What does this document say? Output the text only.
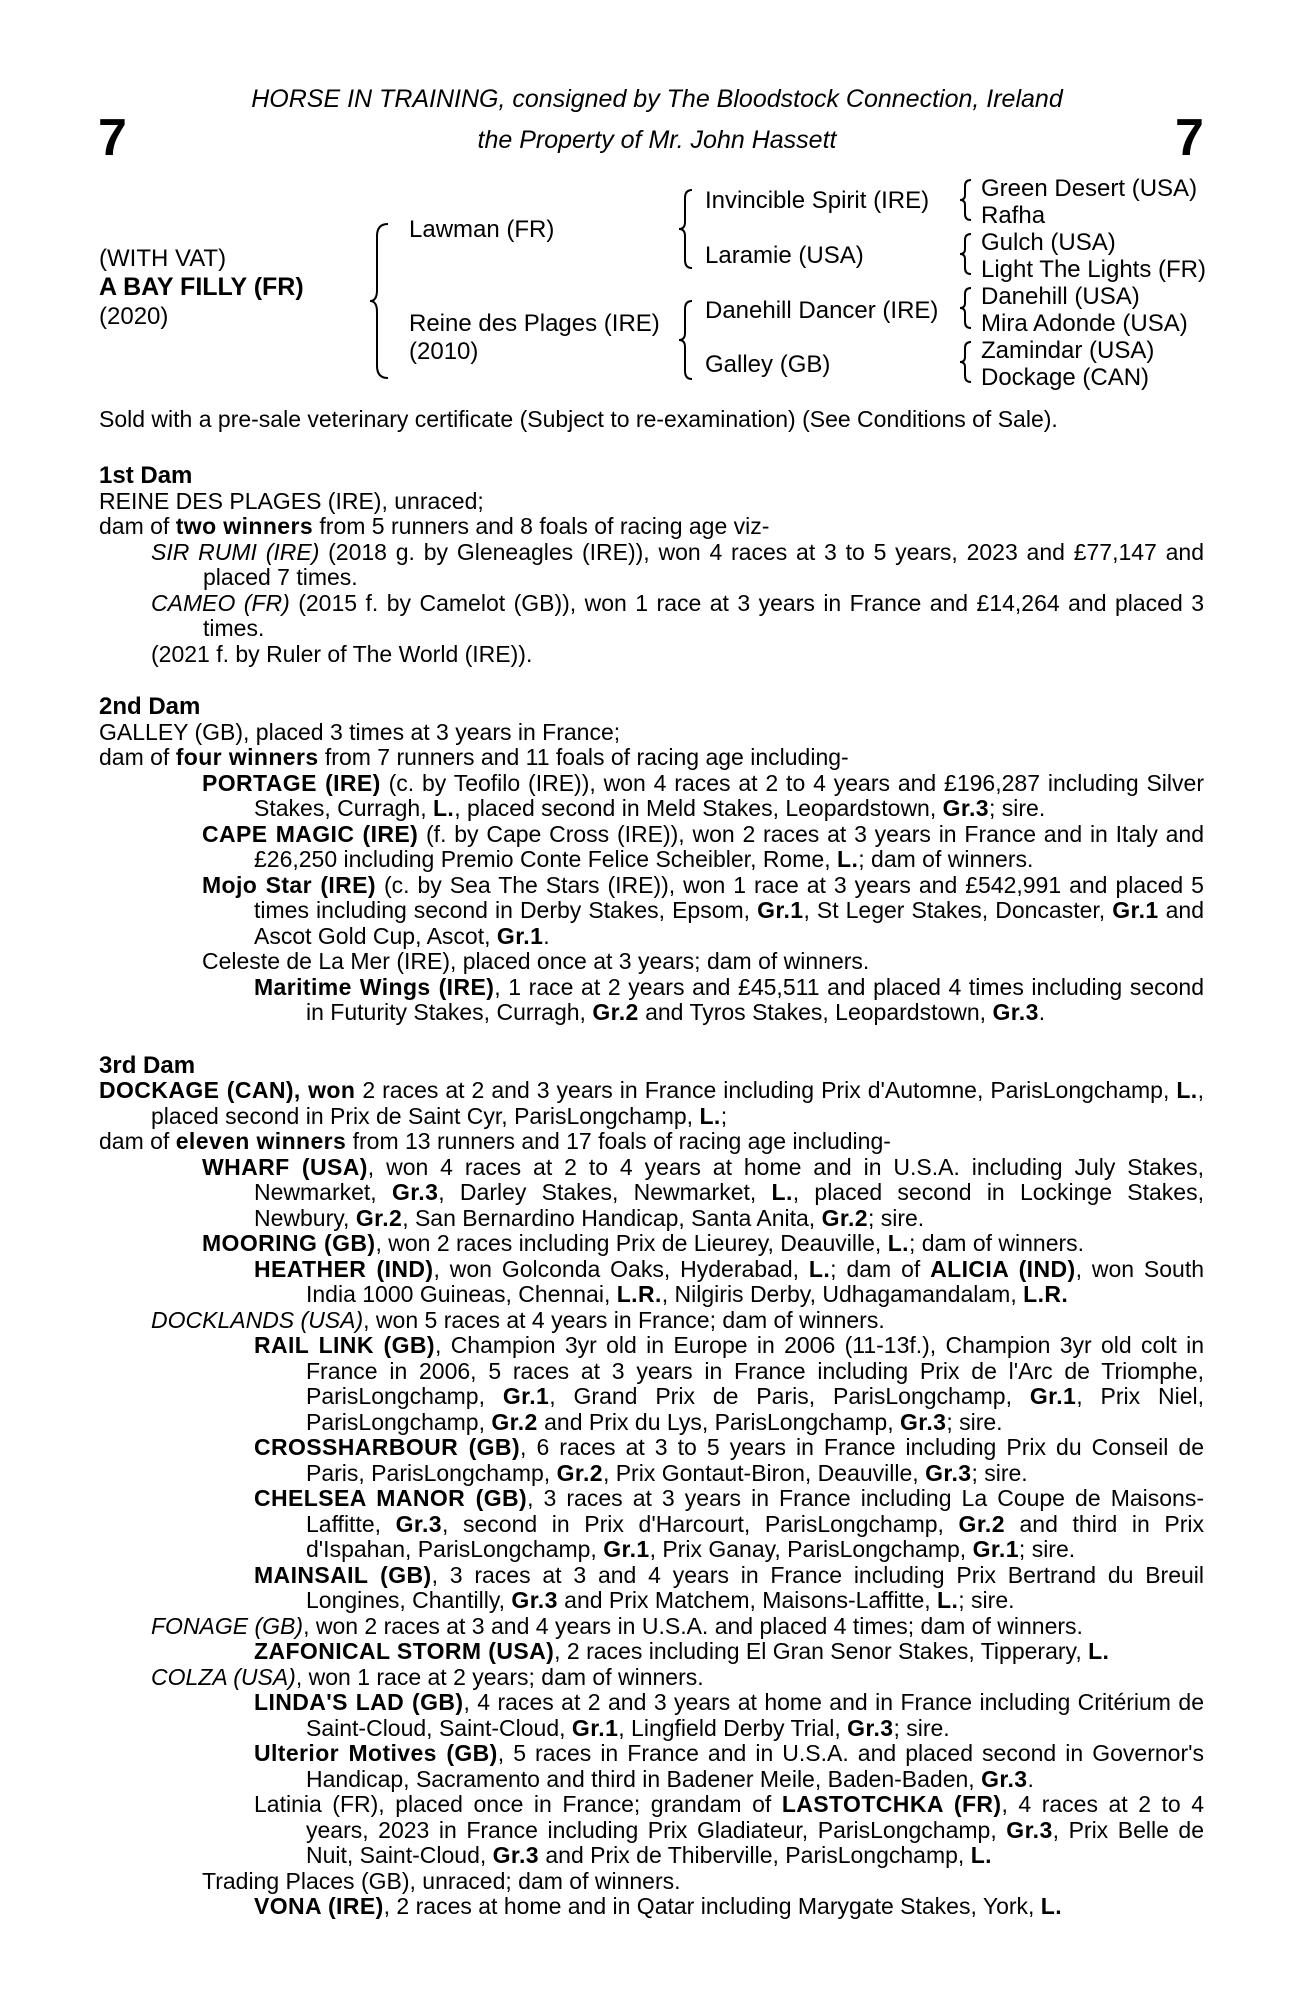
7	7
HORSE IN TRAINING, consigned by The Bloodstock Connection, Ireland
the Property of Mr. John Hassett
(WITH VAT)
A BAY FILLY (FR)
(2020)
Lawman (FR)
Reine des Plages (IRE)
(2010)
Invincible Spirit (IRE)
Laramie (USA)
Danehill Dancer (IRE)
Galley (GB)
Green Desert (USA)
Rafha
Gulch (USA)
Light The Lights (FR)
Danehill (USA)
Mira Adonde (USA)
Zamindar (USA)
Dockage (CAN)
Sold with a pre-sale veterinary certificate (Subject to re-examination) (See Conditions of Sale).
1st Dam
REINE DES PLAGES (IRE), unraced;
dam of two winners from 5 runners and 8 foals of racing age viz-
SIR RUMI (IRE) (2018 g. by Gleneagles (IRE)), won 4 races at 3 to 5 years, 2023 and £77,147 and placed 7 times.
CAMEO (FR) (2015 f. by Camelot (GB)), won 1 race at 3 years in France and £14,264 and placed 3 times.
(2021 f. by Ruler of The World (IRE)).
2nd Dam
GALLEY (GB), placed 3 times at 3 years in France;
dam of four winners from 7 runners and 11 foals of racing age including-
PORTAGE (IRE) (c. by Teofilo (IRE)), won 4 races at 2 to 4 years and £196,287 including Silver Stakes, Curragh, L., placed second in Meld Stakes, Leopardstown, Gr.3; sire.
CAPE MAGIC (IRE) (f. by Cape Cross (IRE)), won 2 races at 3 years in France and in Italy and £26,250 including Premio Conte Felice Scheibler, Rome, L.; dam of winners.
Mojo Star (IRE) (c. by Sea The Stars (IRE)), won 1 race at 3 years and £542,991 and placed 5 times including second in Derby Stakes, Epsom, Gr.1, St Leger Stakes, Doncaster, Gr.1 and Ascot Gold Cup, Ascot, Gr.1.
Celeste de La Mer (IRE), placed once at 3 years; dam of winners.
Maritime Wings (IRE), 1 race at 2 years and £45,511 and placed 4 times including second in Futurity Stakes, Curragh, Gr.2 and Tyros Stakes, Leopardstown, Gr.3.
3rd Dam
DOCKAGE (CAN), won 2 races at 2 and 3 years in France including Prix d'Automne, ParisLongchamp, L., placed second in Prix de Saint Cyr, ParisLongchamp, L.;
dam of eleven winners from 13 runners and 17 foals of racing age including-
WHARF (USA), won 4 races at 2 to 4 years at home and in U.S.A. including July Stakes, Newmarket, Gr.3, Darley Stakes, Newmarket, L., placed second in Lockinge Stakes, Newbury, Gr.2, San Bernardino Handicap, Santa Anita, Gr.2; sire.
MOORING (GB), won 2 races including Prix de Lieurey, Deauville, L.; dam of winners.
HEATHER (IND), won Golconda Oaks, Hyderabad, L.; dam of ALICIA (IND), won South India 1000 Guineas, Chennai, L.R., Nilgiris Derby, Udhagamandalam, L.R.
DOCKLANDS (USA), won 5 races at 4 years in France; dam of winners.
RAIL LINK (GB), Champion 3yr old in Europe in 2006 (11-13f.), Champion 3yr old colt in France in 2006, 5 races at 3 years in France including Prix de l'Arc de Triomphe, ParisLongchamp, Gr.1, Grand Prix de Paris, ParisLongchamp, Gr.1, Prix Niel, ParisLongchamp, Gr.2 and Prix du Lys, ParisLongchamp, Gr.3; sire.
CROSSHARBOUR (GB), 6 races at 3 to 5 years in France including Prix du Conseil de Paris, ParisLongchamp, Gr.2, Prix Gontaut-Biron, Deauville, Gr.3; sire.
CHELSEA MANOR (GB), 3 races at 3 years in France including La Coupe de Maisons-Laffitte, Gr.3, second in Prix d'Harcourt, ParisLongchamp, Gr.2 and third in Prix d'Ispahan, ParisLongchamp, Gr.1, Prix Ganay, ParisLongchamp, Gr.1; sire.
MAINSAIL (GB), 3 races at 3 and 4 years in France including Prix Bertrand du Breuil Longines, Chantilly, Gr.3 and Prix Matchem, Maisons-Laffitte, L.; sire.
FONAGE (GB), won 2 races at 3 and 4 years in U.S.A. and placed 4 times; dam of winners.
ZAFONICAL STORM (USA), 2 races including El Gran Senor Stakes, Tipperary, L.
COLZA (USA), won 1 race at 2 years; dam of winners.
LINDA'S LAD (GB), 4 races at 2 and 3 years at home and in France including Critérium de Saint-Cloud, Saint-Cloud, Gr.1, Lingfield Derby Trial, Gr.3; sire.
Ulterior Motives (GB), 5 races in France and in U.S.A. and placed second in Governor's Handicap, Sacramento and third in Badener Meile, Baden-Baden, Gr.3.
Latinia (FR), placed once in France; grandam of LASTOTCHKA (FR), 4 races at 2 to 4 years, 2023 in France including Prix Gladiateur, ParisLongchamp, Gr.3, Prix Belle de Nuit, Saint-Cloud, Gr.3 and Prix de Thiberville, ParisLongchamp, L.
Trading Places (GB), unraced; dam of winners.
VONA (IRE), 2 races at home and in Qatar including Marygate Stakes, York, L.
